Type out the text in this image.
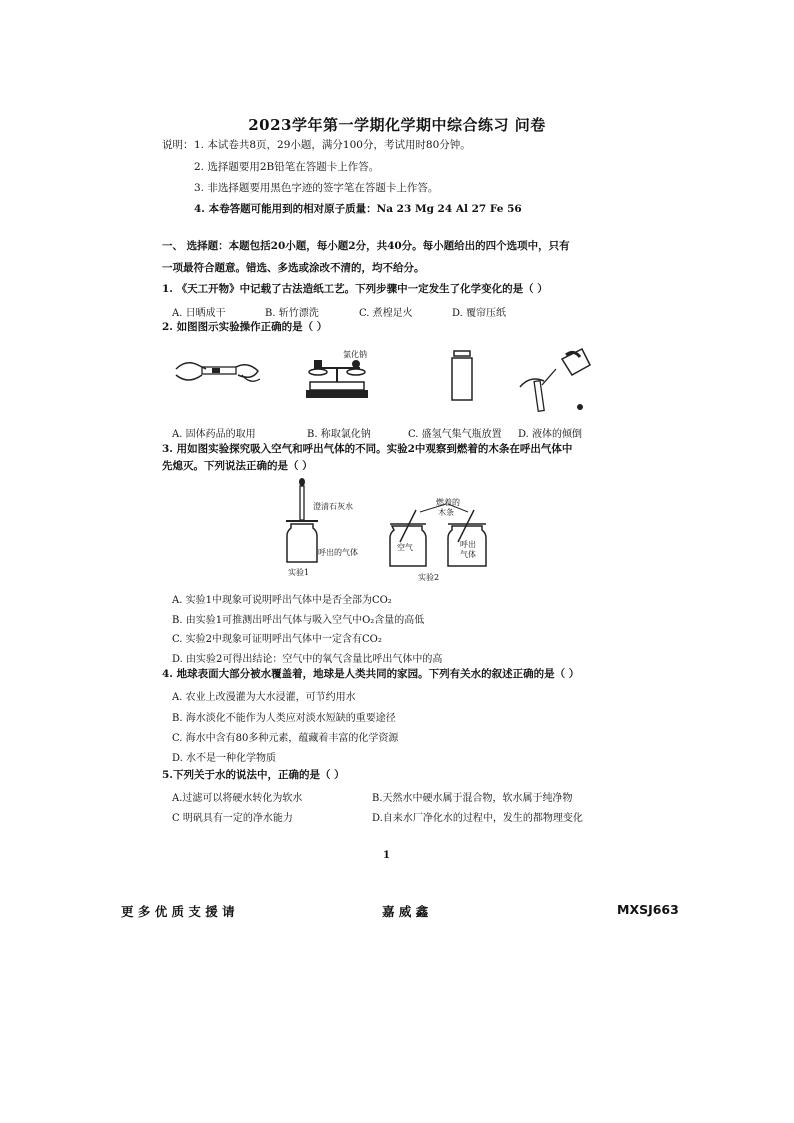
2023学年第一学期化学期中综合练习 问卷
说明： 1. 本试卷共8页，29小题，满分100分，考试用时80分钟。
2. 选择题要用2B铅笔在答题卡上作答。
3. 非选择题要用黑色字迹的签字笔在答题卡上作答。
4. 本卷答题可能用到的相对原子质量：Na 23 Mg 24 Al 27 Fe 56
一、 选择题：本题包括20小题，每小题2分，共40分。每小题给出的四个选项中，只有
一项最符合题意。错选、多选或涂改不清的，均不给分。
1. 《天工开物》中记载了古法造纸工艺。下列步骤中一定发生了化学变化的是（ ）
A. 日晒成干	B. 斩竹漂洗	C. 煮楻足火	D. 覆帘压纸
2. 如图图示实验操作正确的是（ ）
氯化钠
A. 固体药品的取用	B. 称取氯化钠	C. 盛氢气集气瓶放置 D. 液体的倾倒
3. 用如图实验探究吸入空气和呼出气体的不同。实验2中观察到燃着的木条在呼出气体中
先熄灭。下列说法正确的是（ ）
澄清石灰水
呼出的气体
实验1
燃着的
木条
空气	呼出
气体
实验2
A. 实验1中现象可说明呼出气体中是否全部为CO₂
B. 由实验1可推测出呼出气体与吸入空气中O₂含量的高低
C. 实验2中现象可证明呼出气体中一定含有CO₂
D. 由实验2可得出结论：空气中的氧气含量比呼出气体中的高
4. 地球表面大部分被水覆盖着，地球是人类共同的家园。下列有关水的叙述正确的是（ ）
A. 农业上改漫灌为大水浸灌，可节约用水
B. 海水淡化不能作为人类应对淡水短缺的重要途径
C. 海水中含有80多种元素，蕴藏着丰富的化学资源
D. 水不是一种化学物质
5.下列关于水的说法中，正确的是（ ）
A.过滤可以将硬水转化为软水	B.天然水中硬水属于混合物，软水属于纯净物
C 明矾具有一定的净水能力	D.自来水厂净化水的过程中，发生的都物理变化
1
更 多 优 质 支 援 请	嘉 威 鑫	MXSJ663
